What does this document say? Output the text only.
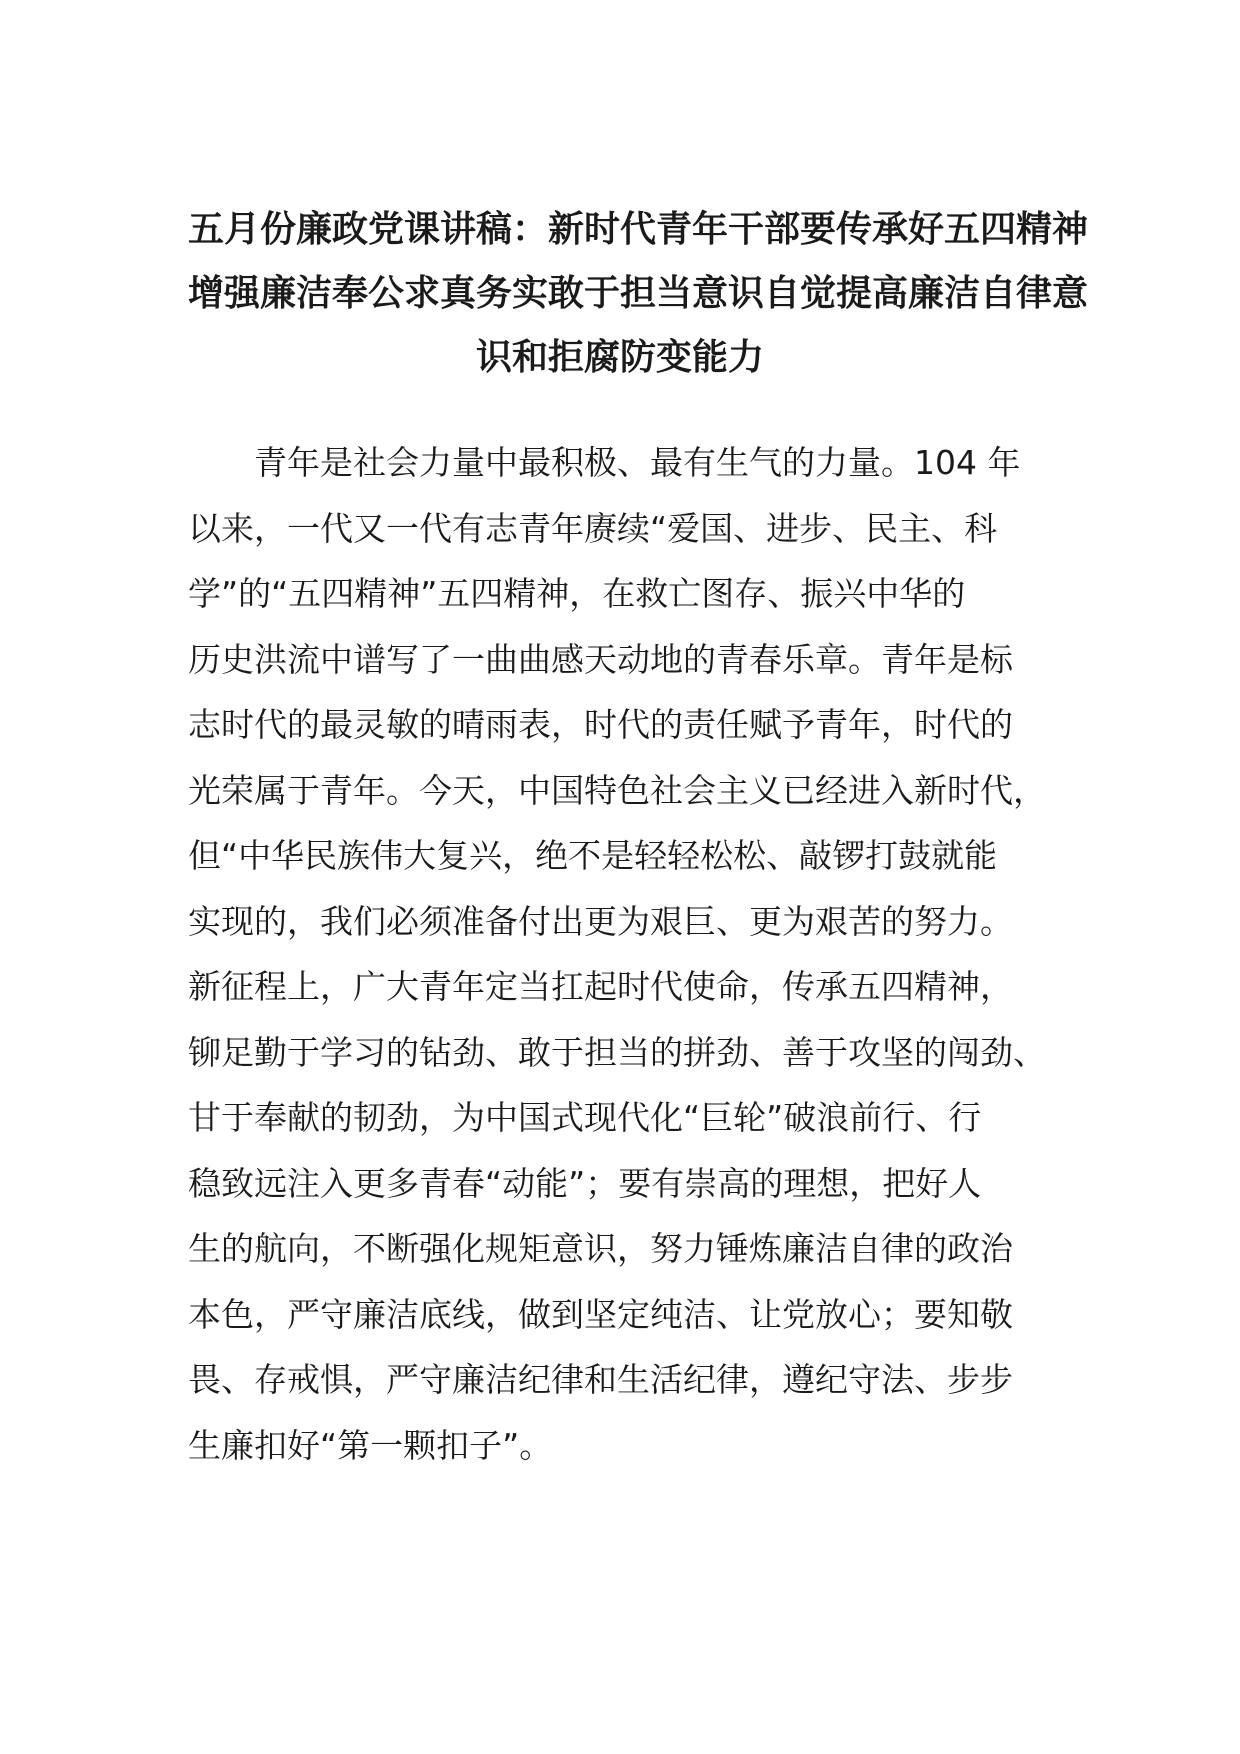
五月份廉政党课讲稿：新时代青年干部要传承好五四精神
增强廉洁奉公求真务实敢于担当意识自觉提高廉洁自律意
识和拒腐防变能力
青年是社会力量中最积极、最有生气的力量。104 年
以来，一代又一代有志青年赓续“爱国、进步、民主、科
学”的“五四精神”五四精神，在救亡图存、振兴中华的
历史洪流中谱写了一曲曲感天动地的青春乐章。青年是标
志时代的最灵敏的晴雨表，时代的责任赋予青年，时代的
光荣属于青年。今天，中国特色社会主义已经进入新时代，
但“中华民族伟大复兴，绝不是轻轻松松、敲锣打鼓就能
实现的，我们必须准备付出更为艰巨、更为艰苦的努力。
新征程上，广大青年定当扛起时代使命，传承五四精神，
铆足勤于学习的钻劲、敢于担当的拼劲、善于攻坚的闯劲、
甘于奉献的韧劲，为中国式现代化“巨轮”破浪前行、行
稳致远注入更多青春“动能”；要有崇高的理想，把好人
生的航向，不断强化规矩意识，努力锤炼廉洁自律的政治
本色，严守廉洁底线，做到坚定纯洁、让党放心；要知敬
畏、存戒惧，严守廉洁纪律和生活纪律，遵纪守法、步步
生廉扣好“第一颗扣子”。
